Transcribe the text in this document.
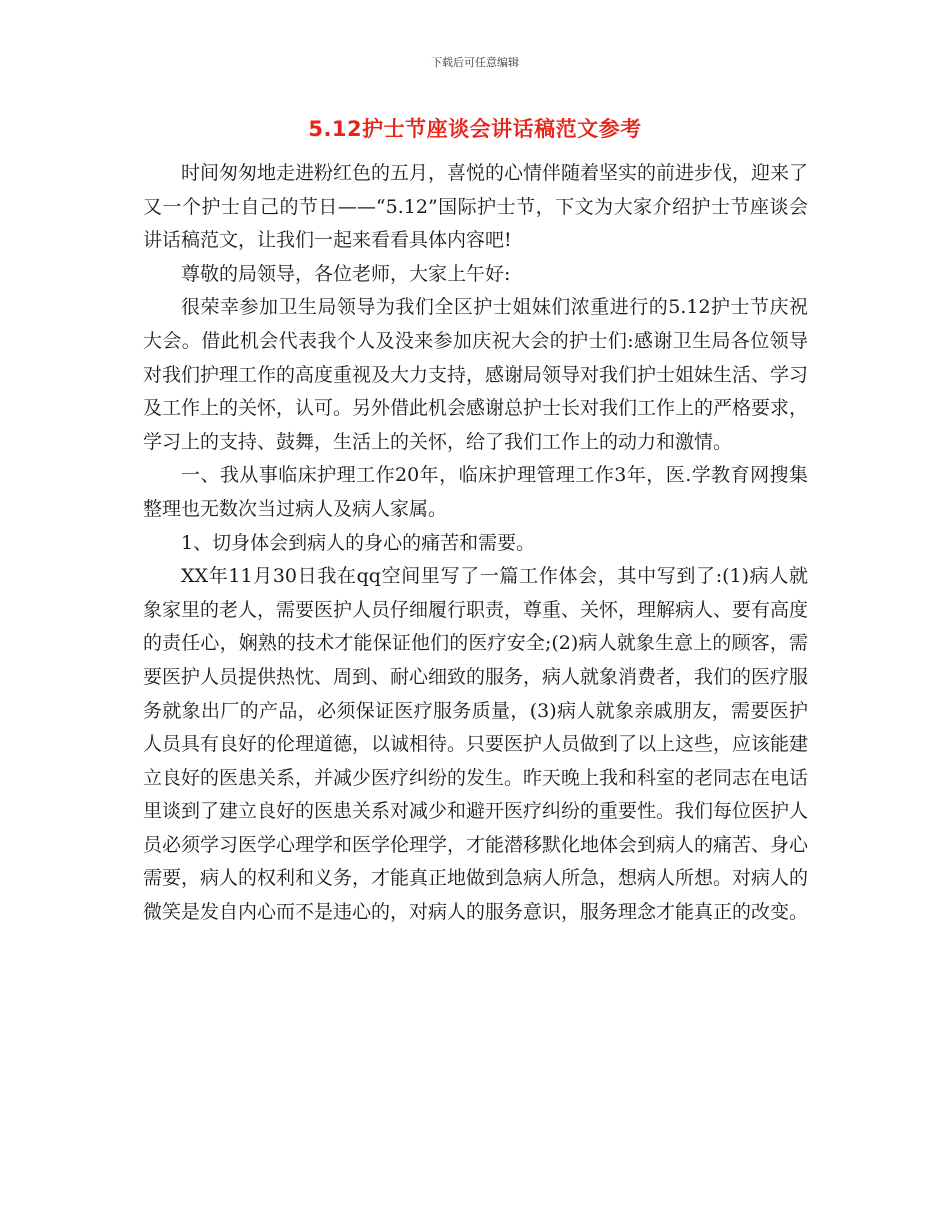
下载后可任意编辑
5.12护士节座谈会讲话稿范文参考

时间匆匆地走进粉红色的五月，喜悦的心情伴随着坚实的前进步伐，迎来了又一个护士自己的节日——“5.12”国际护士节，下文为大家介绍护士节座谈会讲话稿范文，让我们一起来看看具体内容吧!

尊敬的局领导，各位老师，大家上午好:

很荣幸参加卫生局领导为我们全区护士姐妹们浓重进行的5.12护士节庆祝大会。借此机会代表我个人及没来参加庆祝大会的护士们:感谢卫生局各位领导对我们护理工作的高度重视及大力支持，感谢局领导对我们护士姐妹生活、学习及工作上的关怀，认可。另外借此机会感谢总护士长对我们工作上的严格要求，学习上的支持、鼓舞，生活上的关怀，给了我们工作上的动力和激情。

一、我从事临床护理工作20年，临床护理管理工作3年，医.学教育网搜集整理也无数次当过病人及病人家属。

1、切身体会到病人的身心的痛苦和需要。

XX年11月30日我在qq空间里写了一篇工作体会，其中写到了:(1)病人就象家里的老人，需要医护人员仔细履行职责，尊重、关怀，理解病人、要有高度的责任心，娴熟的技术才能保证他们的医疗安全;(2)病人就象生意上的顾客，需要医护人员提供热忱、周到、耐心细致的服务，病人就象消费者，我们的医疗服务就象出厂的产品，必须保证医疗服务质量，(3)病人就象亲戚朋友，需要医护人员具有良好的伦理道德，以诚相待。只要医护人员做到了以上这些，应该能建立良好的医患关系，并减少医疗纠纷的发生。昨天晚上我和科室的老同志在电话里谈到了建立良好的医患关系对减少和避开医疗纠纷的重要性。我们每位医护人员必须学习医学心理学和医学伦理学，才能潜移默化地体会到病人的痛苦、身心需要，病人的权利和义务，才能真正地做到急病人所急，想病人所想。对病人的微笑是发自内心而不是违心的，对病人的服务意识，服务理念才能真正的改变。
